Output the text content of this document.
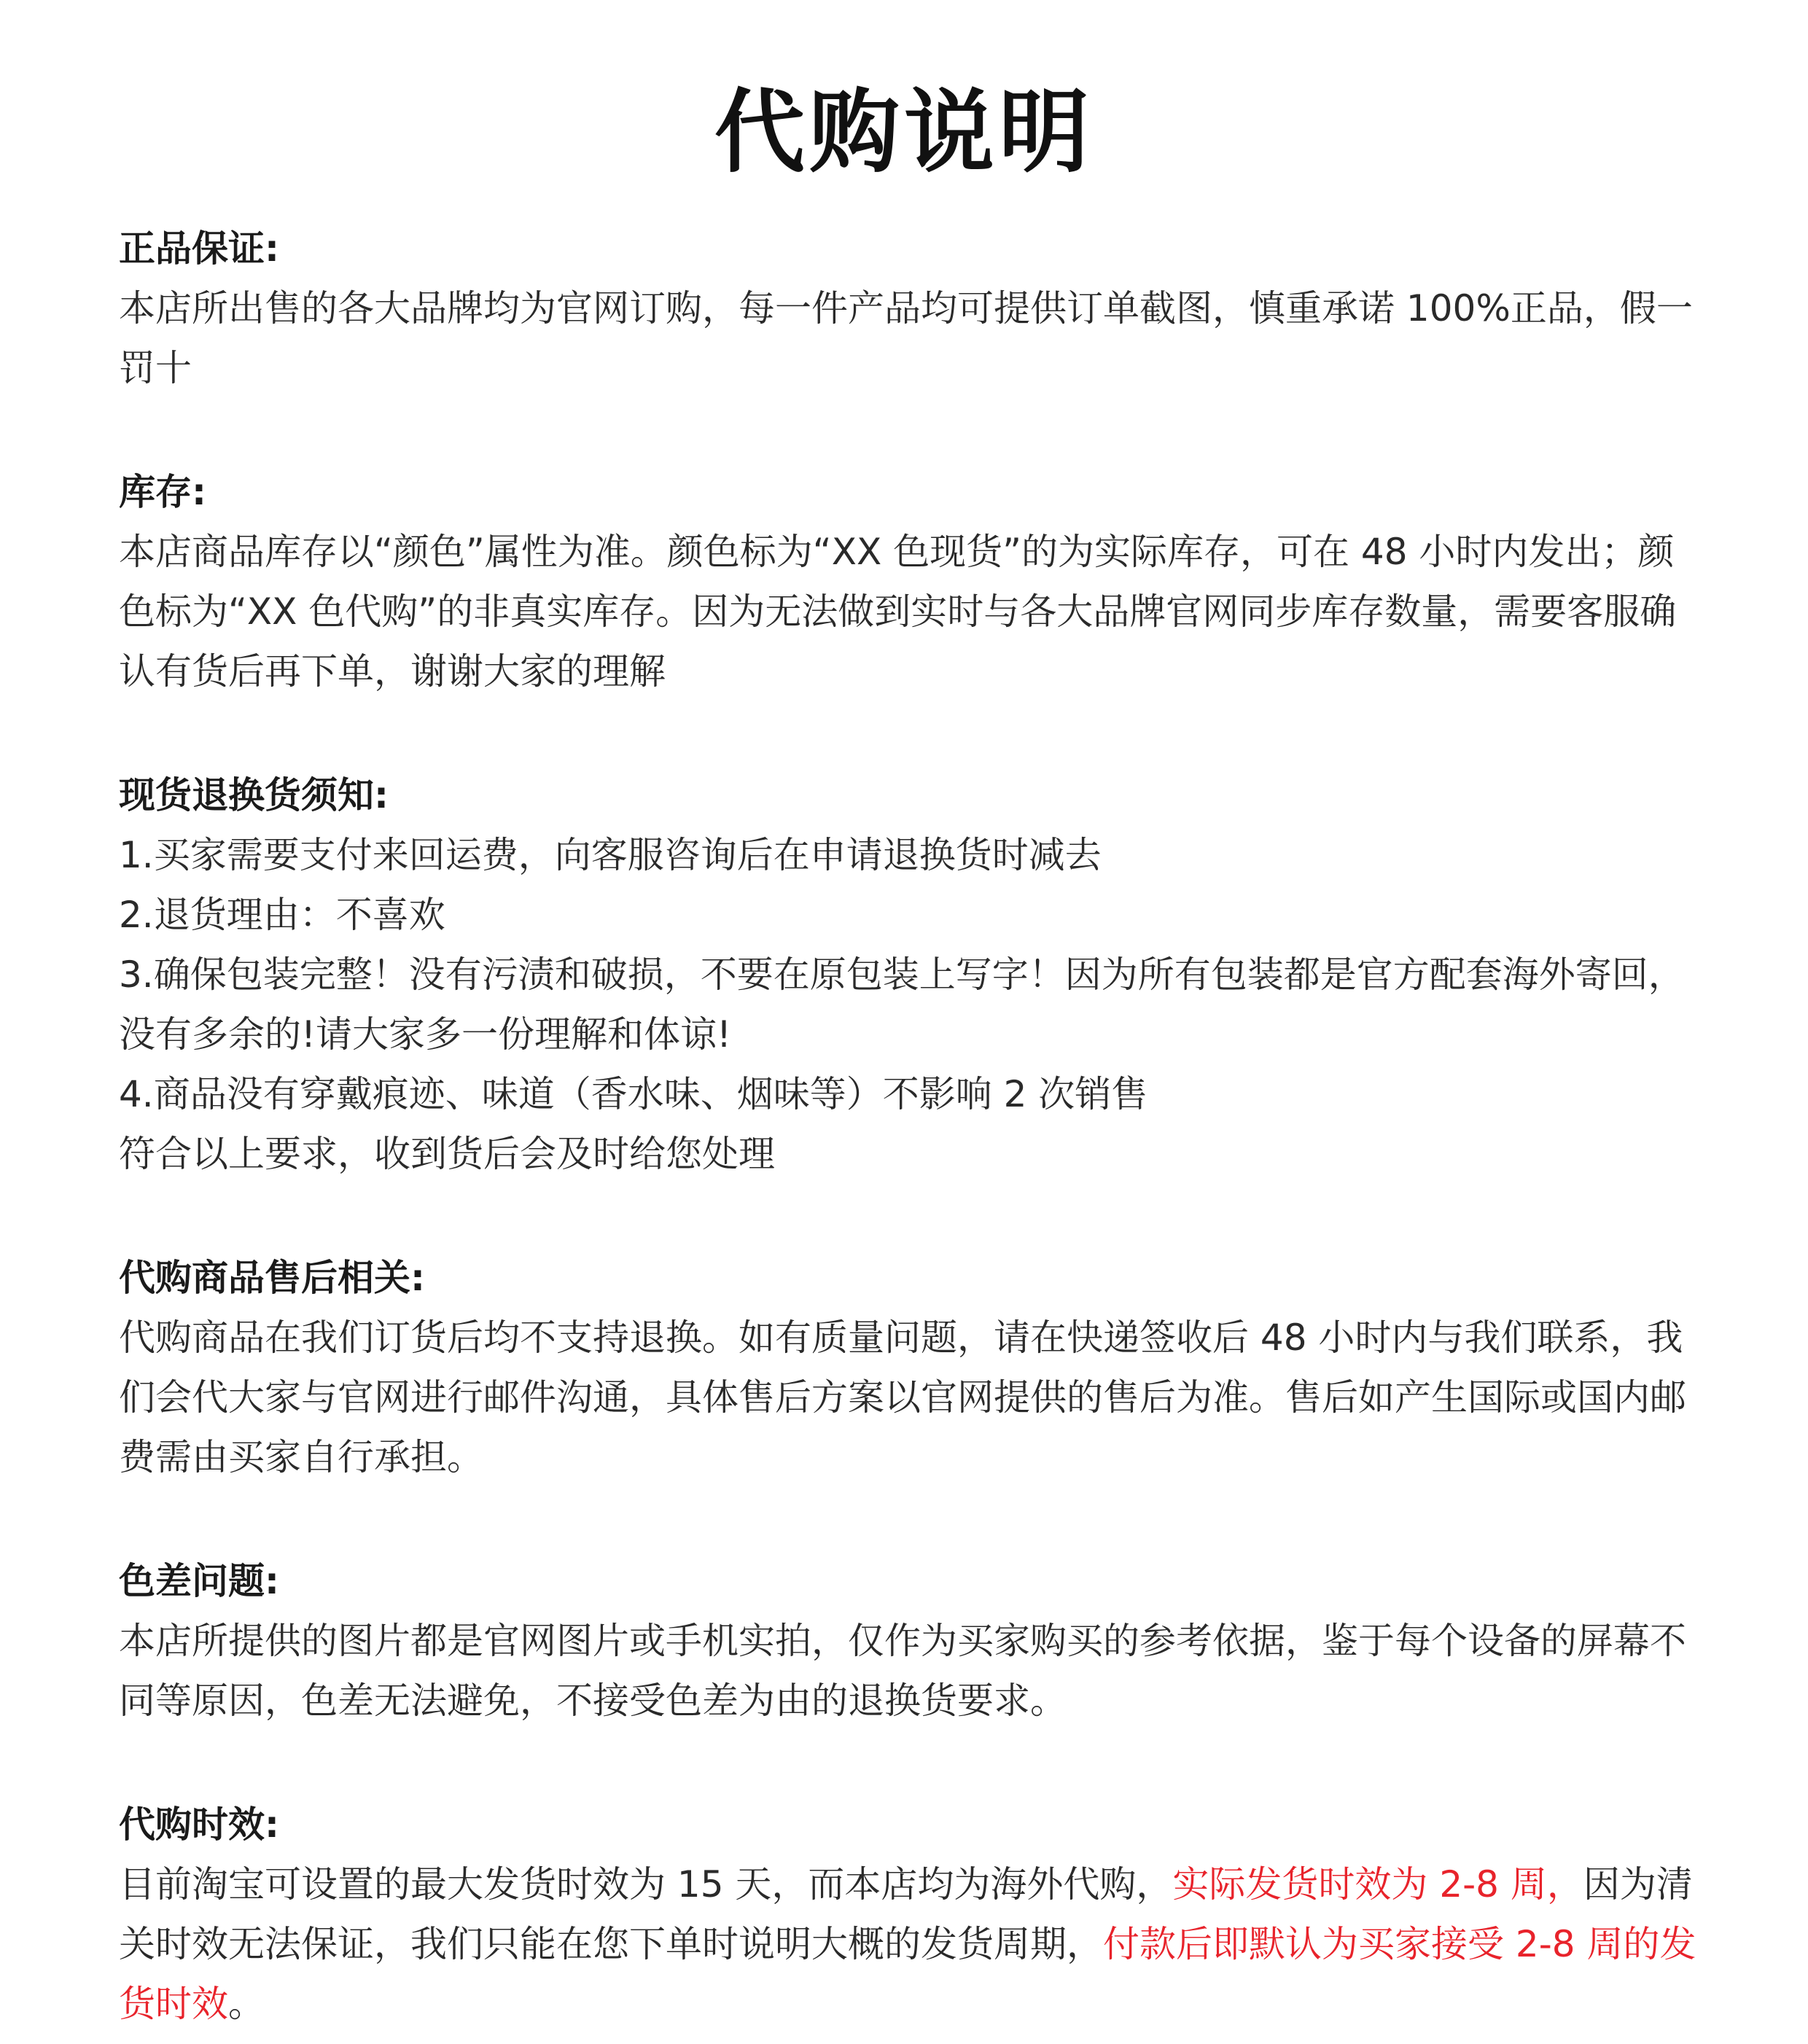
代购说明

正品保证:

本店所出售的各大品牌均为官网订购，每一件产品均可提供订单截图，慎重承诺 100%正品，假一罚十

库存:

本店商品库存以“颜色”属性为准。颜色标为“XX 色现货”的为实际库存，可在 48 小时内发出；颜色标为“XX 色代购”的非真实库存。因为无法做到实时与各大品牌官网同步库存数量，需要客服确认有货后再下单，谢谢大家的理解

现货退换货须知:

1.买家需要支付来回运费，向客服咨询后在申请退换货时减去

2.退货理由：不喜欢

3.确保包装完整！没有污渍和破损，不要在原包装上写字！因为所有包装都是官方配套海外寄回，没有多余的!请大家多一份理解和体谅!

4.商品没有穿戴痕迹、味道（香水味、烟味等）不影响 2 次销售

符合以上要求，收到货后会及时给您处理

代购商品售后相关:

代购商品在我们订货后均不支持退换。如有质量问题，请在快递签收后 48 小时内与我们联系，我们会代大家与官网进行邮件沟通，具体售后方案以官网提供的售后为准。售后如产生国际或国内邮费需由买家自行承担。

色差问题:

本店所提供的图片都是官网图片或手机实拍，仅作为买家购买的参考依据，鉴于每个设备的屏幕不同等原因，色差无法避免，不接受色差为由的退换货要求。

代购时效:

目前淘宝可设置的最大发货时效为 15 天，而本店均为海外代购，实际发货时效为 2-8 周，因为清关时效无法保证，我们只能在您下单时说明大概的发货周期，付款后即默认为买家接受 2-8 周的发货时效。
